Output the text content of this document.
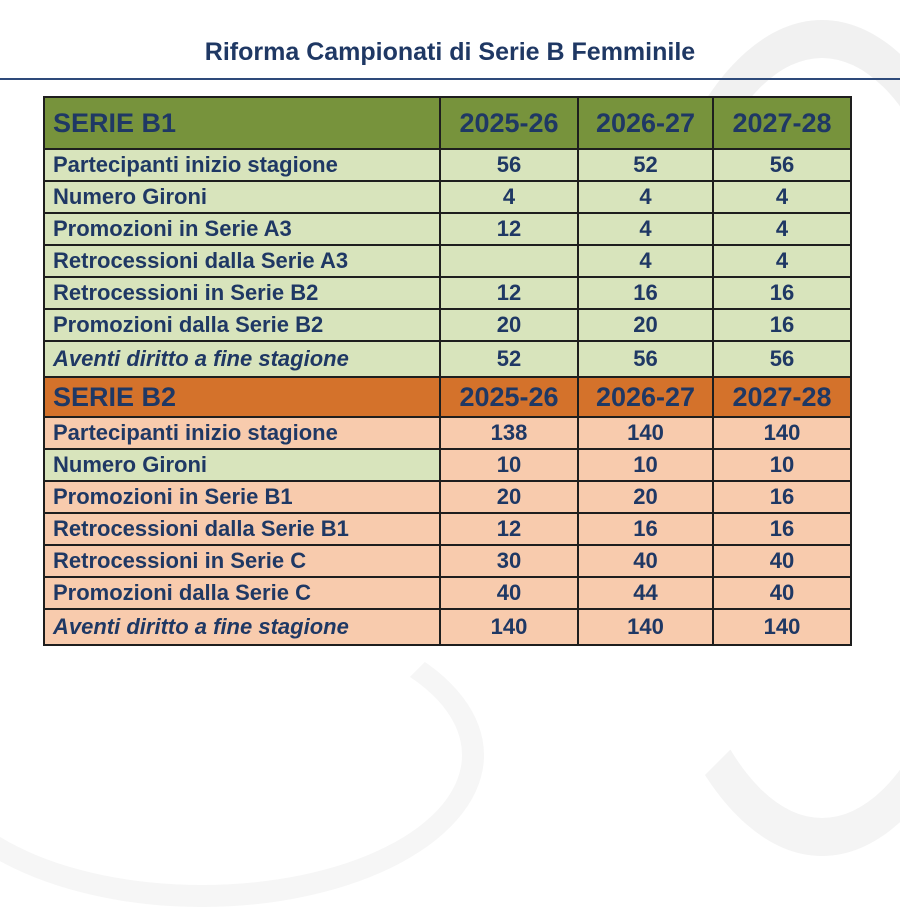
Riforma Campionati di Serie B Femminile
SERIE B1	2025-26	2026-27	2027-28
Partecipanti inizio stagione	56	52	56
Numero Gironi	4	4	4
Promozioni in Serie A3	12	4	4
Retrocessioni dalla Serie A3		4	4
Retrocessioni in Serie B2	12	16	16
Promozioni dalla Serie B2	20	20	16
Aventi diritto a fine stagione	52	56	56
SERIE B2	2025-26	2026-27	2027-28
Partecipanti inizio stagione	138	140	140
Numero Gironi	10	10	10
Promozioni in Serie B1	20	20	16
Retrocessioni dalla Serie B1	12	16	16
Retrocessioni in Serie C	30	40	40
Promozioni dalla Serie C	40	44	40
Aventi diritto a fine stagione	140	140	140
